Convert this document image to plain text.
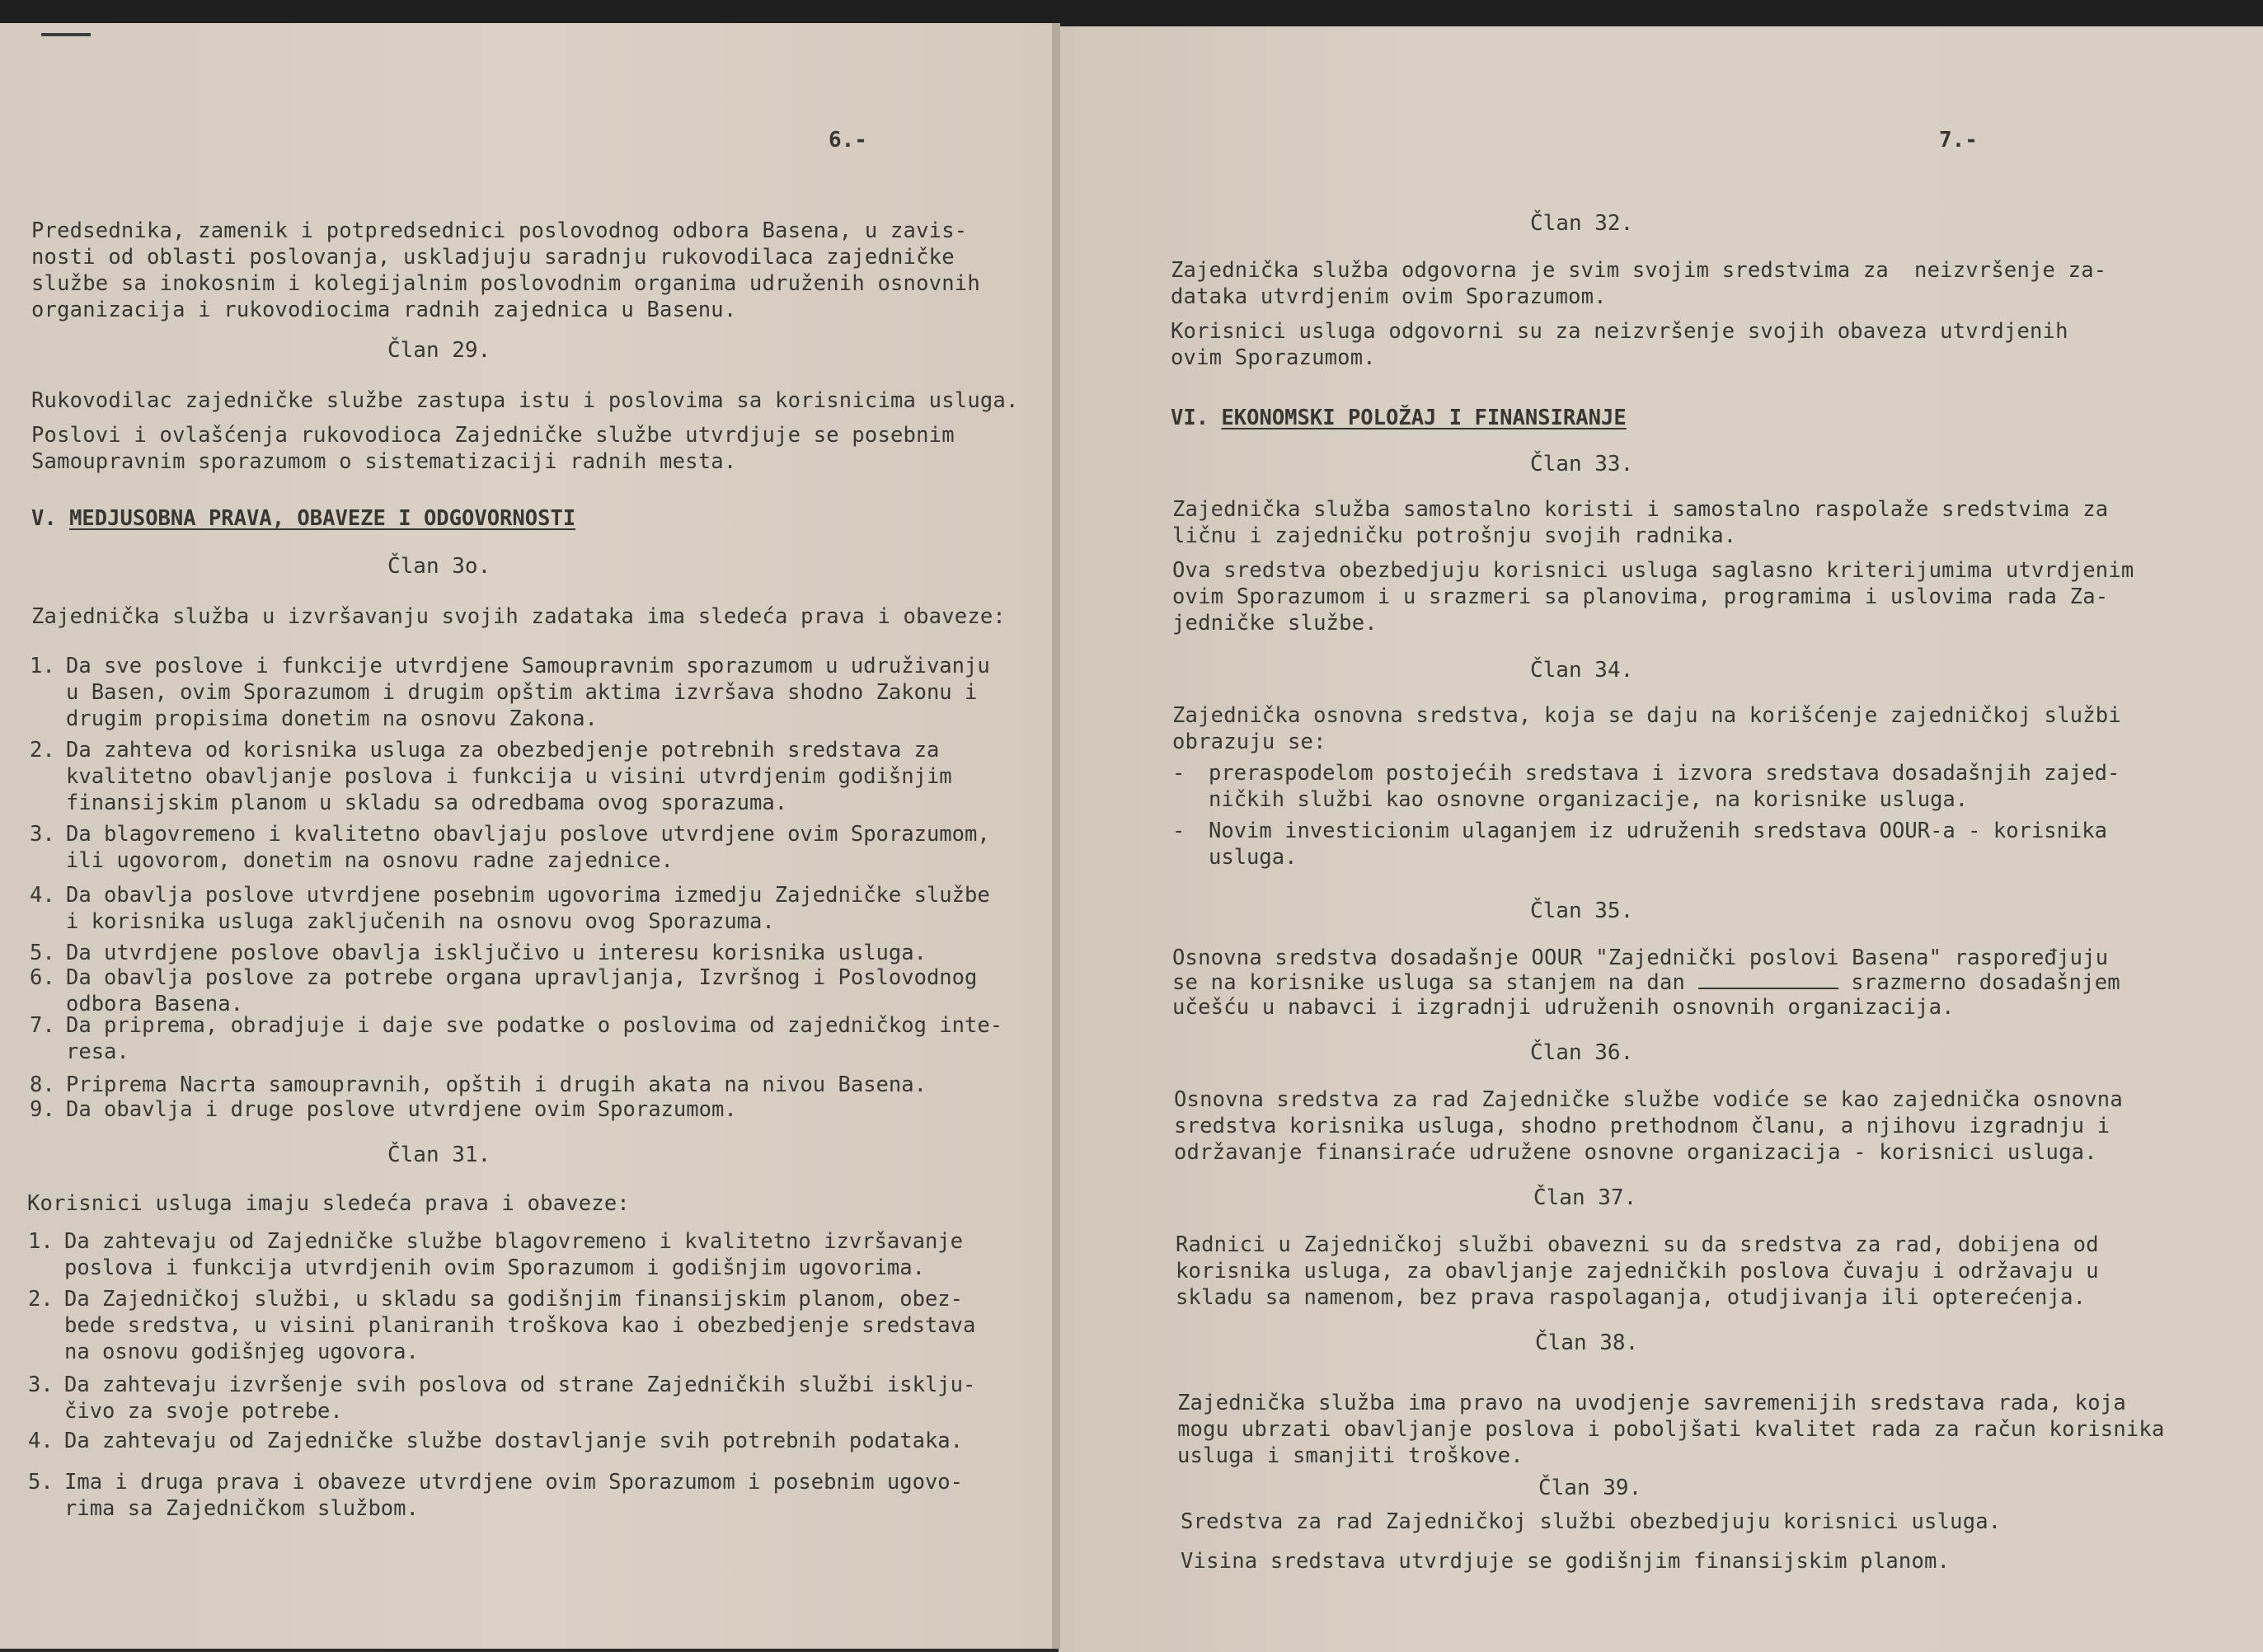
6.-
Predsednika, zamenik i potpredsednici poslovodnog odbora Basena, u zavis-
nosti od oblasti poslovanja, uskladjuju saradnju rukovodilaca zajedničke
službe sa inokosnim i kolegijalnim poslovodnim organima udruženih osnovnih
organizacija i rukovodiocima radnih zajednica u Basenu.
Član 29.
Rukovodilac zajedničke službe zastupa istu i poslovima sa korisnicima usluga.
Poslovi i ovlašćenja rukovodioca Zajedničke službe utvrdjuje se posebnim
Samoupravnim sporazumom o sistematizaciji radnih mesta.
V. MEDJUSOBNA PRAVA, OBAVEZE I ODGOVORNOSTI
Član 3o.
Zajednička služba u izvršavanju svojih zadataka ima sledeća prava i obaveze:
1. Da sve poslove i funkcije utvrdjene Samoupravnim sporazumom u udruživanju
u Basen, ovim Sporazumom i drugim opštim aktima izvršava shodno Zakonu i
drugim propisima donetim na osnovu Zakona.
2. Da zahteva od korisnika usluga za obezbedjenje potrebnih sredstava za
kvalitetno obavljanje poslova i funkcija u visini utvrdjenim godišnjim
finansijskim planom u skladu sa odredbama ovog sporazuma.
3. Da blagovremeno i kvalitetno obavljaju poslove utvrdjene ovim Sporazumom,
ili ugovorom, donetim na osnovu radne zajednice.
4. Da obavlja poslove utvrdjene posebnim ugovorima izmedju Zajedničke službe
i korisnika usluga zaključenih na osnovu ovog Sporazuma.
5. Da utvrdjene poslove obavlja isključivo u interesu korisnika usluga.
6. Da obavlja poslove za potrebe organa upravljanja, Izvršnog i Poslovodnog
odbora Basena.
7. Da priprema, obradjuje i daje sve podatke o poslovima od zajedničkog inte-
resa.
8. Priprema Nacrta samoupravnih, opštih i drugih akata na nivou Basena.
9. Da obavlja i druge poslove utvrdjene ovim Sporazumom.
Član 31.
Korisnici usluga imaju sledeća prava i obaveze:
1. Da zahtevaju od Zajedničke službe blagovremeno i kvalitetno izvršavanje
poslova i funkcija utvrdjenih ovim Sporazumom i godišnjim ugovorima.
2. Da Zajedničkoj službi, u skladu sa godišnjim finansijskim planom, obez-
bede sredstva, u visini planiranih troškova kao i obezbedjenje sredstava
na osnovu godišnjeg ugovora.
3. Da zahtevaju izvršenje svih poslova od strane Zajedničkih službi isklju-
čivo za svoje potrebe.
4. Da zahtevaju od Zajedničke službe dostavljanje svih potrebnih podataka.
5. Ima i druga prava i obaveze utvrdjene ovim Sporazumom i posebnim ugovo-
rima sa Zajedničkom službom.
7.-
Član 32.
Zajednička služba odgovorna je svim svojim sredstvima za  neizvršenje za-
dataka utvrdjenim ovim Sporazumom.
Korisnici usluga odgovorni su za neizvršenje svojih obaveza utvrdjenih
ovim Sporazumom.
VI. EKONOMSKI POLOŽAJ I FINANSIRANJE
Član 33.
Zajednička služba samostalno koristi i samostalno raspolaže sredstvima za
ličnu i zajedničku potrošnju svojih radnika.
Ova sredstva obezbedjuju korisnici usluga saglasno kriterijumima utvrdjenim
ovim Sporazumom i u srazmeri sa planovima, programima i uslovima rada Za-
jedničke službe.
Član 34.
Zajednička osnovna sredstva, koja se daju na korišćenje zajedničkoj službi
obrazuju se:
- preraspodelom postojećih sredstava i izvora sredstava dosadašnjih zajed-
ničkih službi kao osnovne organizacije, na korisnike usluga.
- Novim investicionim ulaganjem iz udruženih sredstava OOUR-a - korisnika
usluga.
Član 35.
Osnovna sredstva dosadašnje OOUR "Zajednički poslovi Basena" raspoređjuju
se na korisnike usluga sa stanjem na dan	srazmerno dosadašnjem
učešću u nabavci i izgradnji udruženih osnovnih organizacija.
Član 36.
Osnovna sredstva za rad Zajedničke službe vodiće se kao zajednička osnovna
sredstva korisnika usluga, shodno prethodnom članu, a njihovu izgradnju i
održavanje finansiraće udružene osnovne organizacija - korisnici usluga.
Član 37.
Radnici u Zajedničkoj službi obavezni su da sredstva za rad, dobijena od
korisnika usluga, za obavljanje zajedničkih poslova čuvaju i održavaju u
skladu sa namenom, bez prava raspolaganja, otudjivanja ili opterećenja.
Član 38.
Zajednička služba ima pravo na uvodjenje savremenijih sredstava rada, koja
mogu ubrzati obavljanje poslova i poboljšati kvalitet rada za račun korisnika
usluga i smanjiti troškove.
Član 39.
Sredstva za rad Zajedničkoj službi obezbedjuju korisnici usluga.
Visina sredstava utvrdjuje se godišnjim finansijskim planom.
